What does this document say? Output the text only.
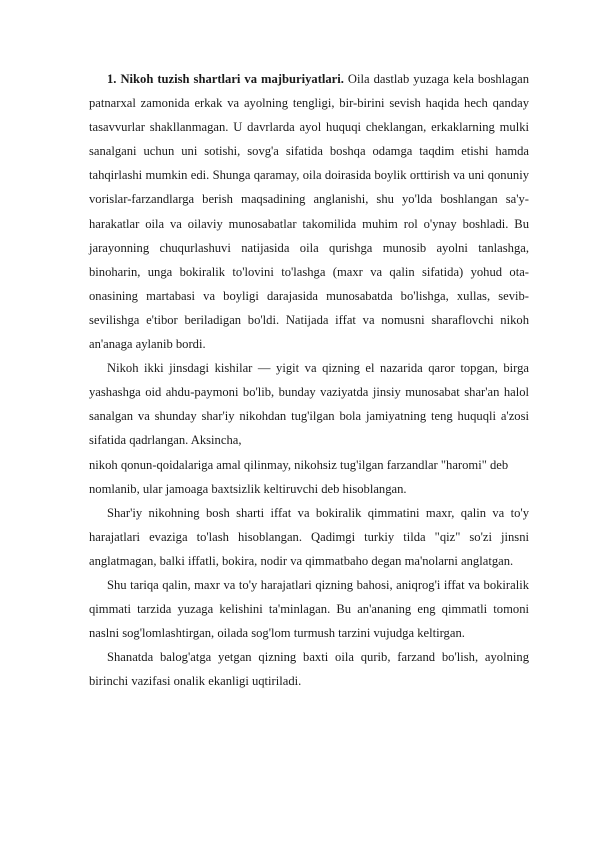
1. Nikoh tuzish shartlari va majburiyatlari. Oila dastlab yuzaga kela boshlagan patnarxal zamonida erkak va ayolning tengligi, bir-birini sevish haqida hech qanday tasavvurlar shakllanmagan. U davrlarda ayol huquqi cheklangan, erkaklarning mulki sanalgani uchun uni sotishi, sovg'a sifatida boshqa odamga taqdim etishi hamda tahqirlashi mumkin edi. Shunga qaramay, oila doirasida boylik orttirish va uni qonuniy vorislar-farzandlarga berish maqsadining anglanishi, shu yo'lda boshlangan sa'y-harakatlar oila va oilaviy munosabatlar takomilida muhim rol o'ynay boshladi. Bu jarayonning chuqurlashuvi natijasida oila qurishga munosib ayolni tanlashga, binoharin, unga bokiralik to'lovini to'lashga (maxr va qalin sifatida) yohud ota-onasining martabasi va boyligi darajasida munosabatda bo'lishga, xullas, sevib-sevilishga e'tibor beriladigan bo'ldi. Natijada iffat va nomusni sharaflovchi nikoh an'anaga aylanib bordi.

Nikoh ikki jinsdagi kishilar — yigit va qizning el nazarida qaror topgan, birga yashashga oid ahdu-paymoni bo'lib, bunday vaziyatda jinsiy munosabat shar'an halol sanalgan va shunday shar'iy nikohdan tug'ilgan bola jamiyatning teng huquqli a'zosi sifatida qadrlangan. Aksincha,

nikoh qonun-qoidalariga amal qilinmay, nikohsiz tug'ilgan farzandlar "haromi" deb nomlanib, ular jamoaga baxtsizlik keltiruvchi deb hisoblangan.

Shar'iy nikohning bosh sharti iffat va bokiralik qimmatini maxr, qalin va to'y harajatlari evaziga to'lash hisoblangan. Qadimgi turkiy tilda "qiz" so'zi jinsni anglatmagan, balki iffatli, bokira, nodir va qimmatbaho degan ma'nolarni anglatgan.

Shu tariqa qalin, maxr va to'y harajatlari qizning bahosi, aniqrog'i iffat va bokiralik qimmati tarzida yuzaga kelishini ta'minlagan. Bu an'ananing eng qimmatli tomoni naslni sog'lomlashtirgan, oilada sog'lom turmush tarzini vujudga keltirgan.

Shanatda balog'atga yetgan qizning baxti oila qurib, farzand bo'lish, ayolning birinchi vazifasi onalik ekanligi uqtiriladi.
